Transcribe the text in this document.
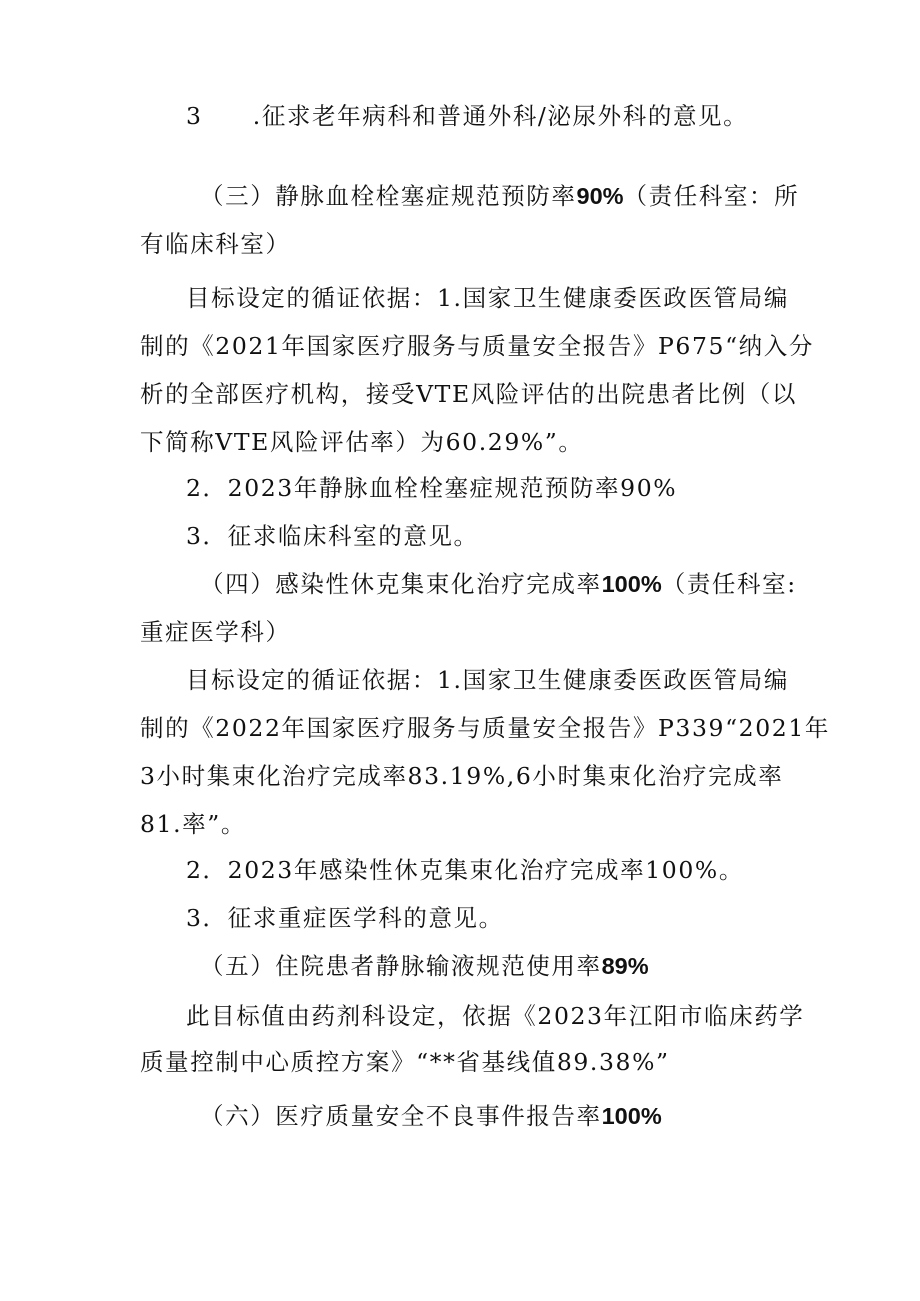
3　　.征求老年病科和普通外科/泌尿外科的意见。
（三）静脉血栓栓塞症规范预防率90%（责任科室：所
有临床科室）
目标设定的循证依据：1.国家卫生健康委医政医管局编
制的《2021年国家医疗服务与质量安全报告》P675“纳入分
析的全部医疗机构，接受VTE风险评估的出院患者比例（以
下简称VTE风险评估率）为60.29%”。
2．2023年静脉血栓栓塞症规范预防率90%
3．征求临床科室的意见。
（四）感染性休克集束化治疗完成率100%（责任科室:
重症医学科）
目标设定的循证依据：1.国家卫生健康委医政医管局编
制的《2022年国家医疗服务与质量安全报告》P339“2021年
3小时集束化治疗完成率83.19%,6小时集束化治疗完成率
81.率”。
2．2023年感染性休克集束化治疗完成率100%。
3．征求重症医学科的意见。
（五）住院患者静脉输液规范使用率89%
此目标值由药剂科设定，依据《2023年江阳市临床药学
质量控制中心质控方案》“**省基线值89.38%”
（六）医疗质量安全不良事件报告率100%
